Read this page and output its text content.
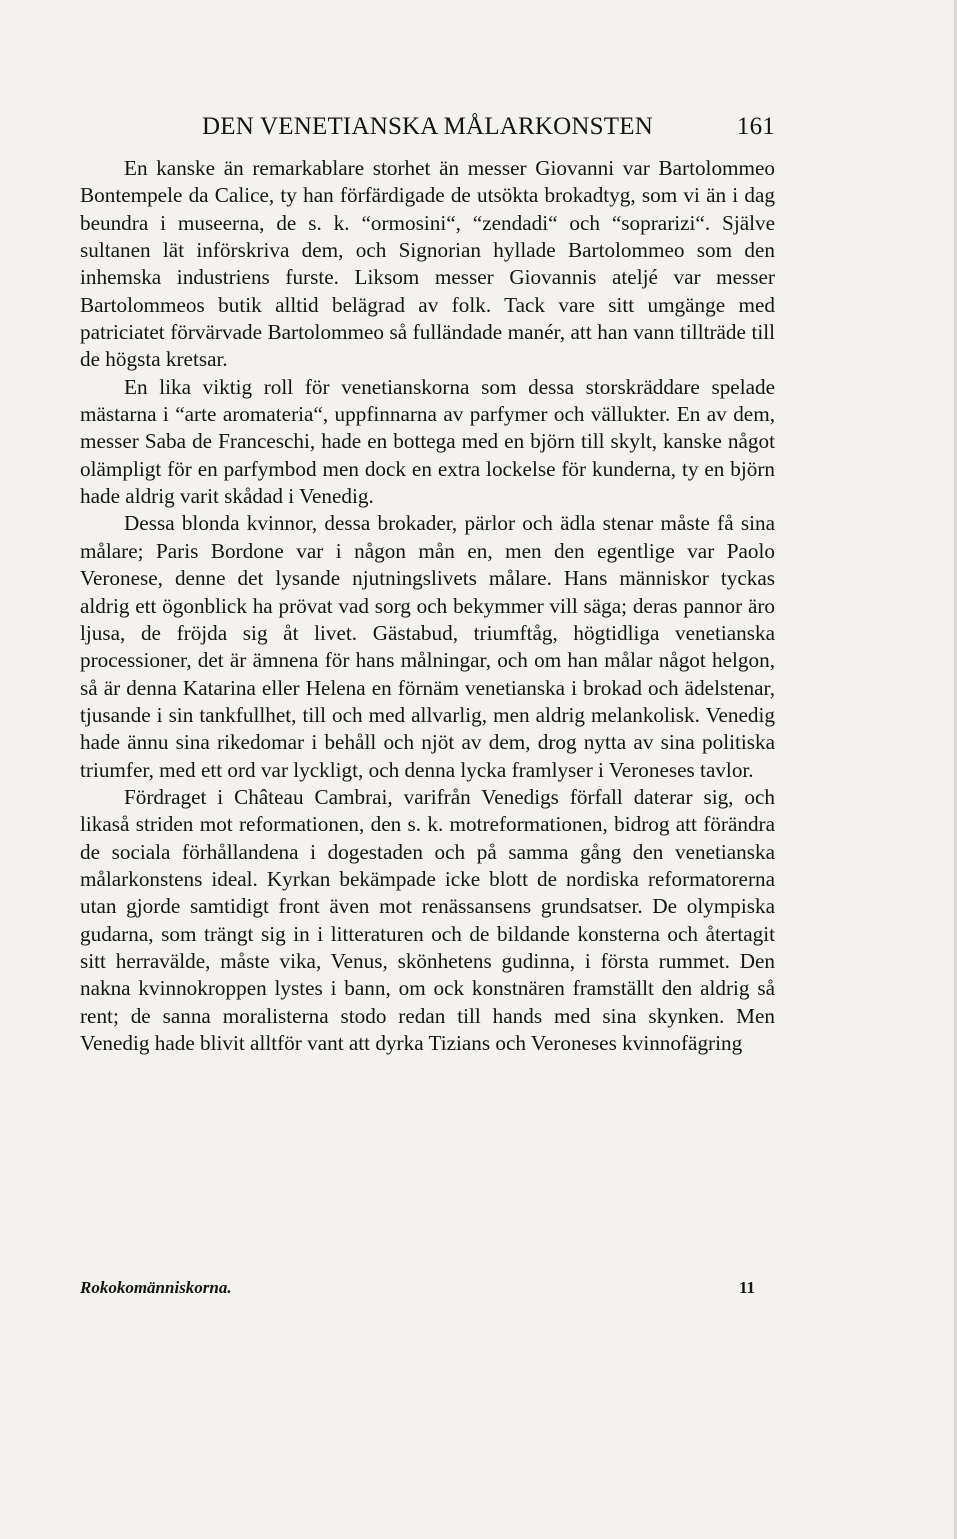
DEN VENETIANSKA MÅLARKONSTEN	161

En kanske än remarkablare storhet än messer Giovanni var Bartolommeo Bontempele da Calice, ty han förfärdigade de utsökta brokadtyg, som vi än i dag beundra i museerna, de s. k. “ormosini“, “zendadi“ och “soprarizi“. Själve sultanen lät införskriva dem, och Signorian hyllade Bartolommeo som den inhemska industriens furste. Liksom messer Giovannis ateljé var messer Bartolommeos butik alltid belägrad av folk. Tack vare sitt umgänge med patriciatet förvärvade Bartolommeo så fulländade manér, att han vann tillträde till de högsta kretsar.

En lika viktig roll för venetianskorna som dessa storskräddare spelade mästarna i “arte aromateria“, uppfinnarna av parfymer och vällukter. En av dem, messer Saba de Franceschi, hade en bottega med en björn till skylt, kanske något olämpligt för en parfymbod men dock en extra lockelse för kunderna, ty en björn hade aldrig varit skådad i Venedig.

Dessa blonda kvinnor, dessa brokader, pärlor och ädla stenar måste få sina målare; Paris Bordone var i någon mån en, men den egentlige var Paolo Veronese, denne det lysande njutningslivets målare. Hans människor tyckas aldrig ett ögonblick ha prövat vad sorg och bekymmer vill säga; deras pannor äro ljusa, de fröjda sig åt livet. Gästabud, triumftåg, högtidliga venetianska processioner, det är ämnena för hans målningar, och om han målar något helgon, så är denna Katarina eller Helena en förnäm venetianska i brokad och ädelstenar, tjusande i sin tankfullhet, till och med allvarlig, men aldrig melankolisk. Venedig hade ännu sina rikedomar i behåll och njöt av dem, drog nytta av sina politiska triumfer, med ett ord var lyckligt, och denna lycka framlyser i Veroneses tavlor.

Fördraget i Château Cambrai, varifrån Venedigs förfall daterar sig, och likaså striden mot reformationen, den s. k. motreformationen, bidrog att förändra de sociala förhållandena i dogestaden och på samma gång den venetianska målarkonstens ideal. Kyrkan bekämpade icke blott de nordiska reformatorerna utan gjorde samtidigt front även mot renässansens grundsatser. De olympiska gudarna, som trängt sig in i litteraturen och de bildande konsterna och återtagit sitt herravälde, måste vika, Venus, skönhetens gudinna, i första rummet. Den nakna kvinnokroppen lystes i bann, om ock konstnären framställt den aldrig så rent; de sanna moralisterna stodo redan till hands med sina skynken. Men Venedig hade blivit alltför vant att dyrka Tizians och Veroneses kvinnofägring

Rokokomänniskorna.	11
